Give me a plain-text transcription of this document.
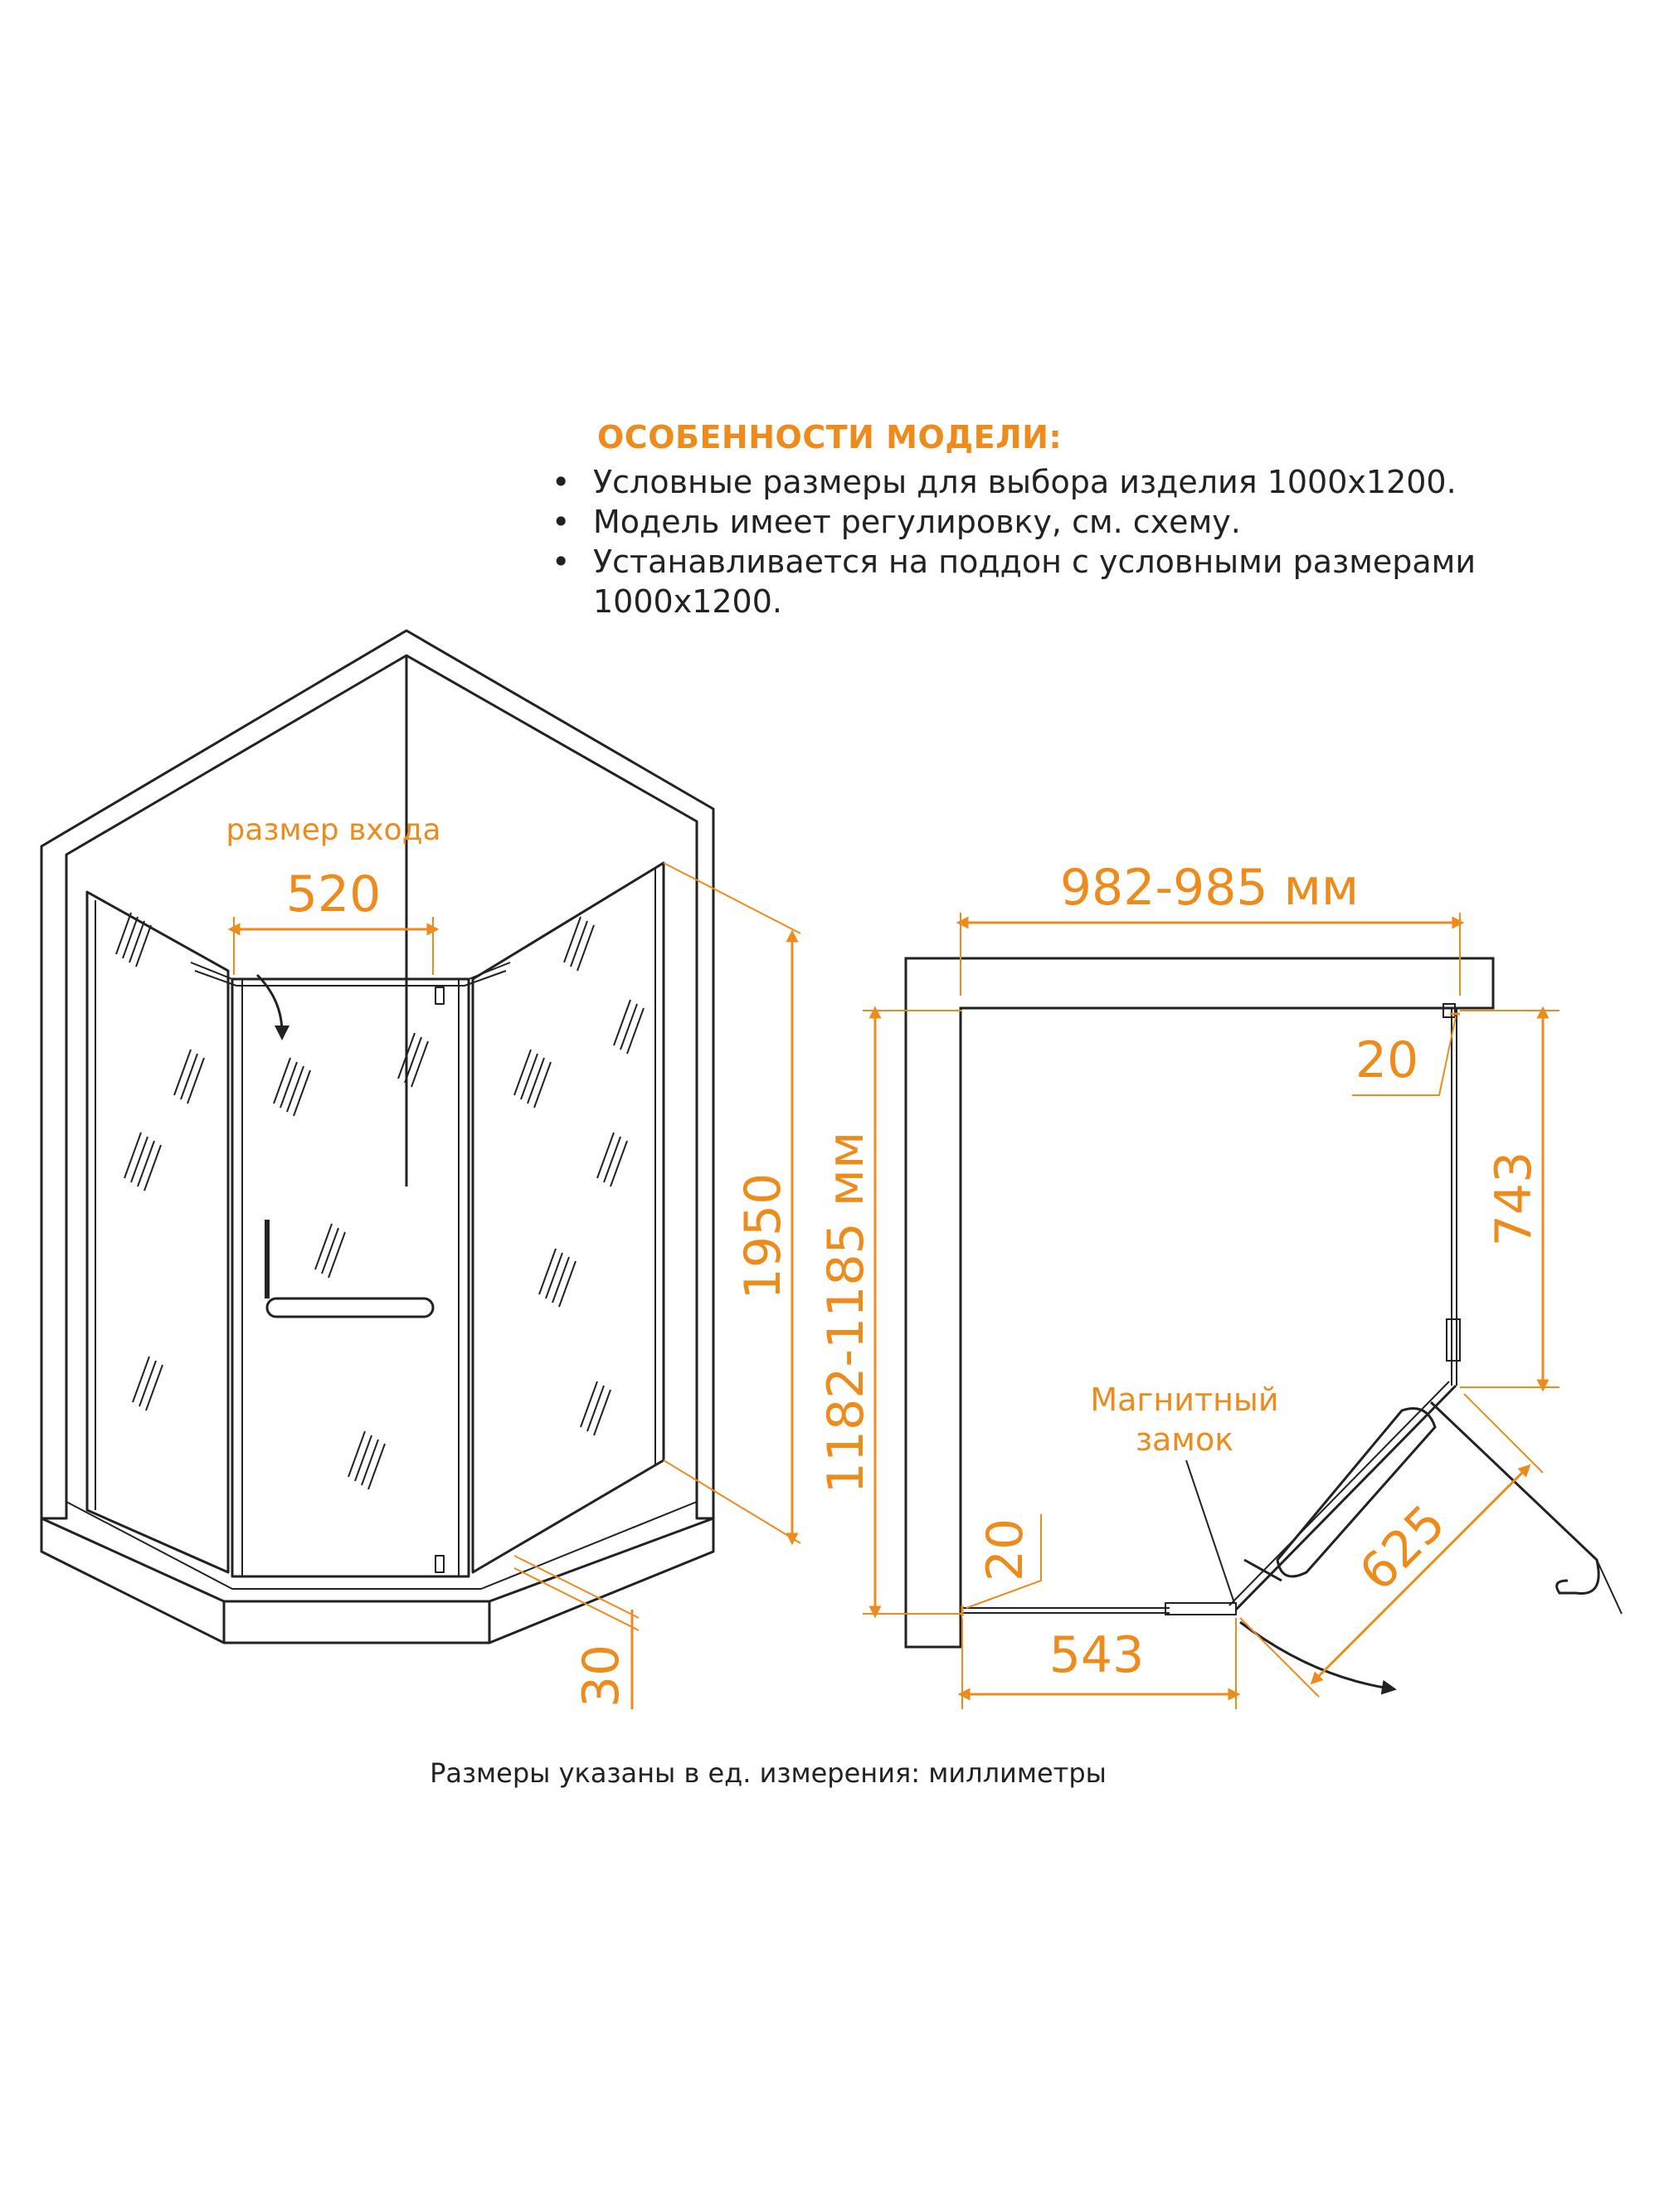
ОСОБЕННОСТИ МОДЕЛИ:
• Условные размеры для выбора изделия 1000x1200.
• Модель имеет регулировку, см. схему.
• Устанавливается на поддон с условными размерами 1000x1200.
размер входа
520
1950
30
982-985 мм
1182-1185 мм
20
743
625
543
20
Магнитный
замок
Размеры указаны в ед. измерения: миллиметры
